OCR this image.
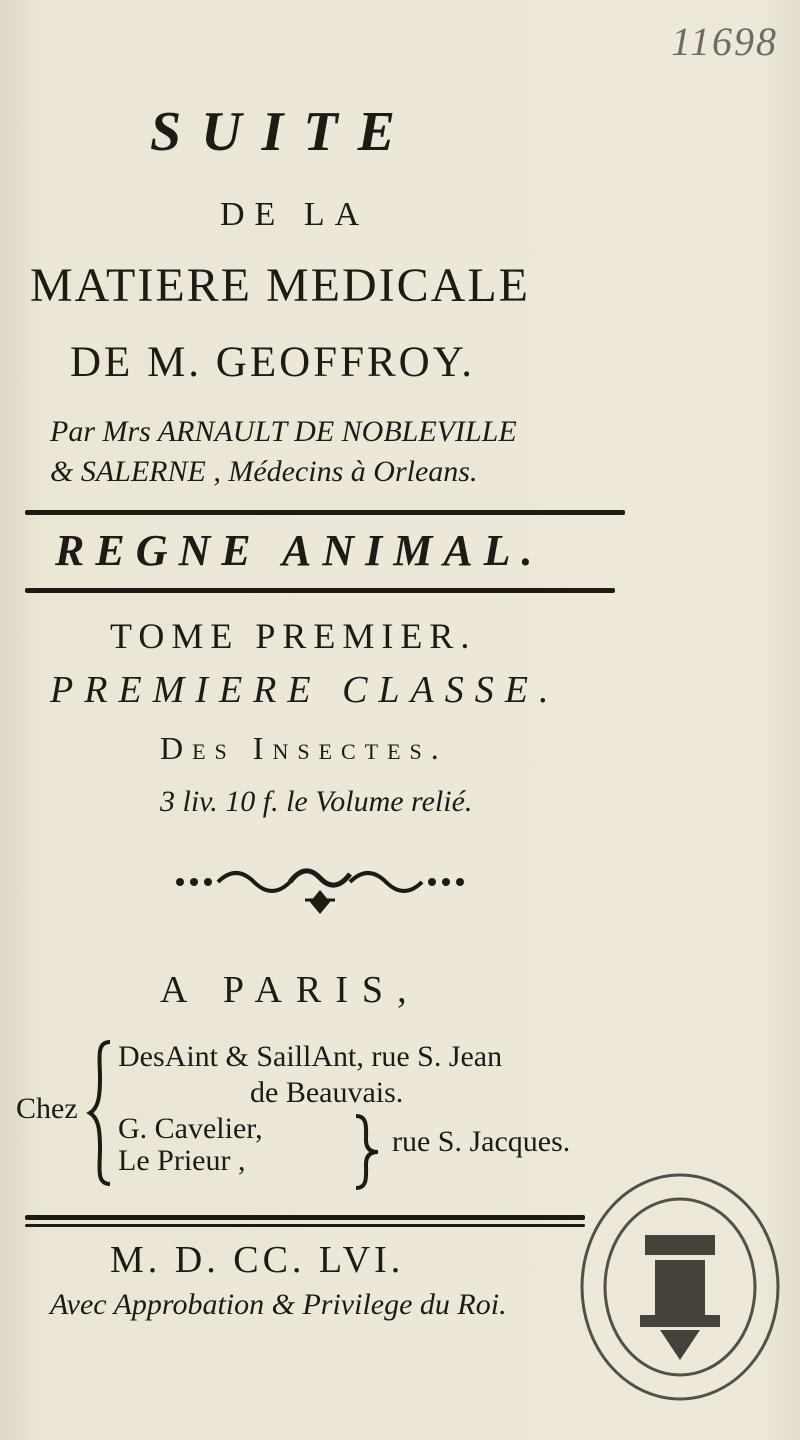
11698
SUITE
DE LA
MATIERE MEDICALE
DE M. GEOFFROY.
Par Mrs ARNAULT DE NOBLEVILLE
& SALERNE , Médecins à Orleans.
REGNE ANIMAL.
TOME PREMIER.
PREMIERE CLASSE.
Des Insectes.
3 liv. 10 f. le Volume relié.
A PARIS,
Chez
DesAint & SaillAnt, rue S. Jean
de Beauvais.
G. Cavelier,
Le Prieur ,
rue S. Jacques.
M. D. CC. LVI.
Avec Approbation & Privilege du Roi.
